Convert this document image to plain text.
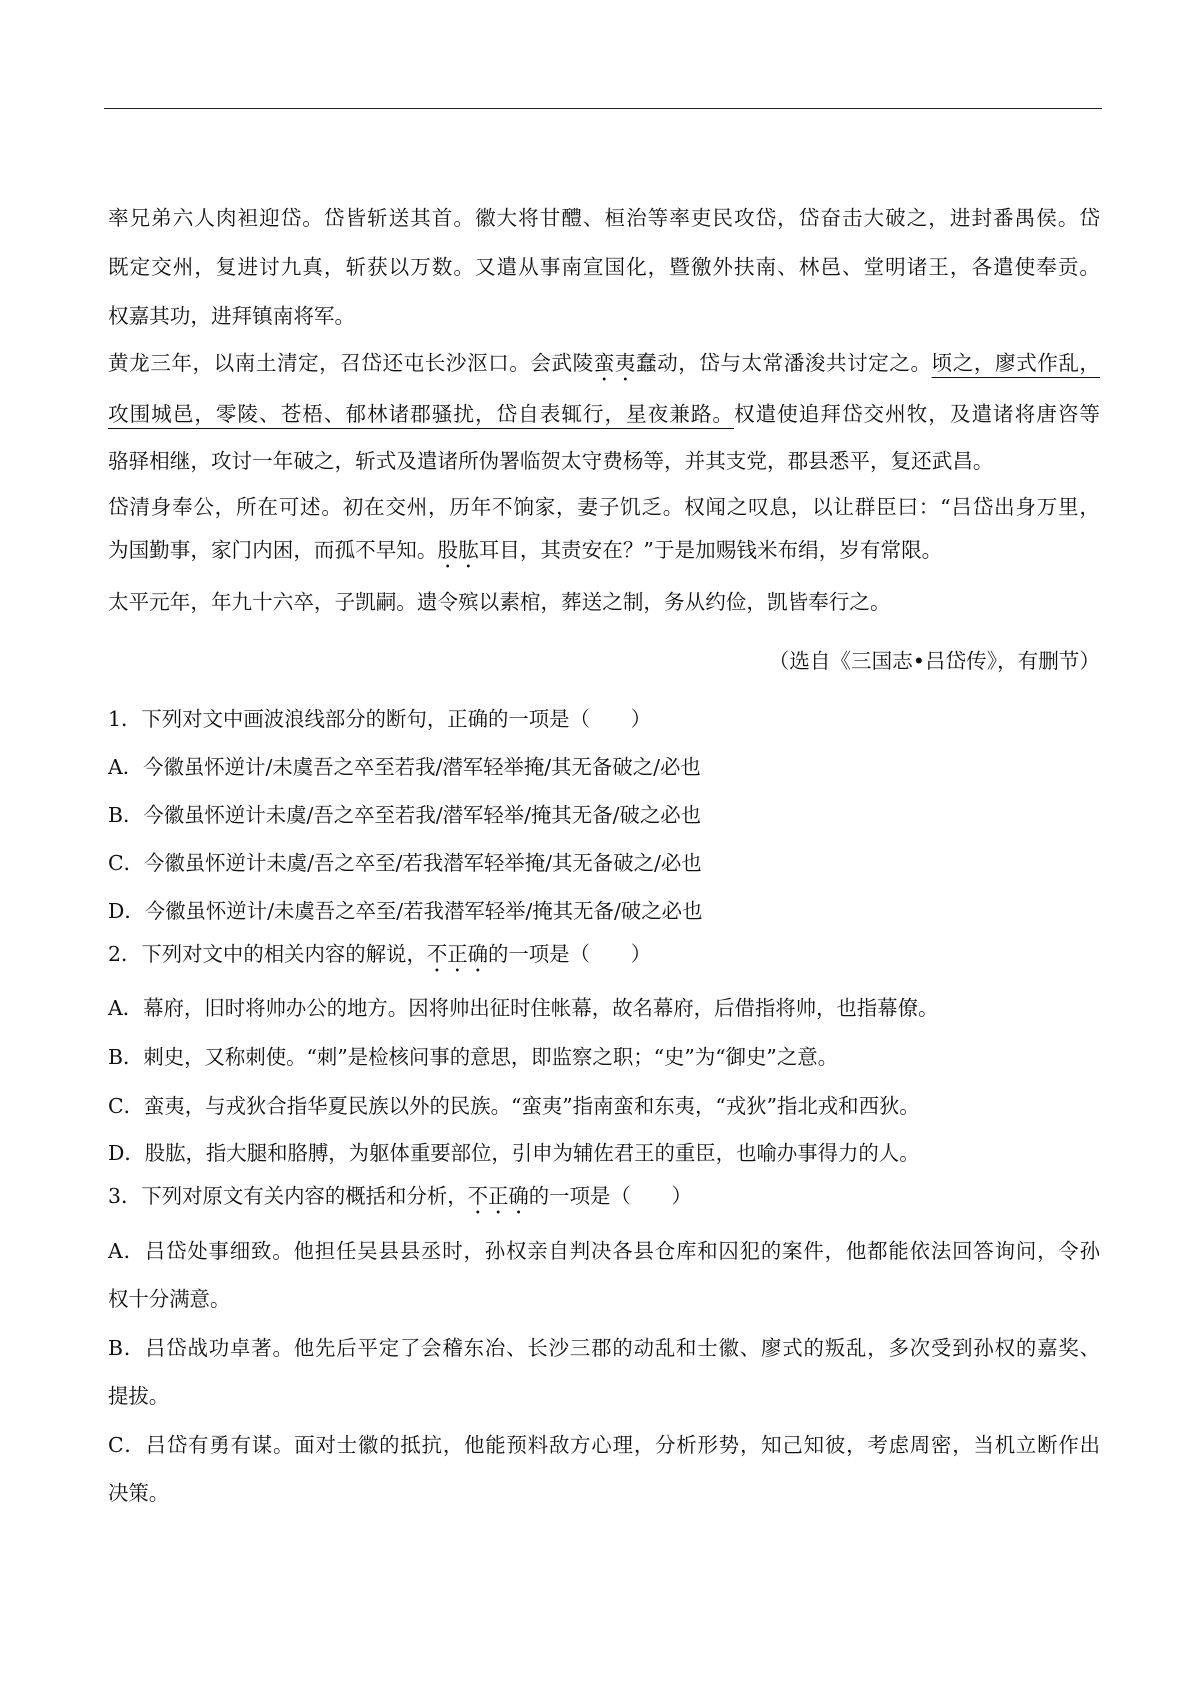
率兄弟六人肉袒迎岱。岱皆斩送其首。徽大将甘醴、桓治等率吏民攻岱，岱奋击大破之，进封番禺侯。岱
既定交州，复进讨九真，斩获以万数。又遣从事南宣国化，暨徼外扶南、林邑、堂明诸王，各遣使奉贡。
权嘉其功，进拜镇南将军。
黄龙三年，以南土清定，召岱还屯长沙沤口。会武陵蛮夷蠢动，岱与太常潘浚共讨定之。顷之，廖式作乱，
攻围城邑，零陵、苍梧、郁林诸郡骚扰，岱自表辄行，星夜兼路。权遣使追拜岱交州牧，及遣诸将唐咨等
骆驿相继，攻讨一年破之，斩式及遣诸所伪署临贺太守费杨等，并其支党，郡县悉平，复还武昌。
岱清身奉公，所在可述。初在交州，历年不饷家，妻子饥乏。权闻之叹息，以让群臣曰：“吕岱出身万里，
为国勤事，家门内困，而孤不早知。股肱耳目，其责安在？”于是加赐钱米布绢，岁有常限。
太平元年，年九十六卒，子凯嗣。遗令殡以素棺，葬送之制，务从约俭，凯皆奉行之。
（选自《三国志•吕岱传》，有删节）
1．下列对文中画波浪线部分的断句，正确的一项是（　　）
A．今徽虽怀逆计/未虞吾之卒至若我/潜军轻举掩/其无备破之/必也
B．今徽虽怀逆计未虞/吾之卒至若我/潜军轻举/掩其无备/破之必也
C．今徽虽怀逆计未虞/吾之卒至/若我潜军轻举掩/其无备破之/必也
D．今徽虽怀逆计/未虞吾之卒至/若我潜军轻举/掩其无备/破之必也
2．下列对文中的相关内容的解说，不正确的一项是（　　）
A．幕府，旧时将帅办公的地方。因将帅出征时住帐幕，故名幕府，后借指将帅，也指幕僚。
B．刺史，又称刺使。“刺”是检核问事的意思，即监察之职；“史”为“御史”之意。
C．蛮夷，与戎狄合指华夏民族以外的民族。“蛮夷”指南蛮和东夷，“戎狄”指北戎和西狄。
D．股肱，指大腿和胳膊，为躯体重要部位，引申为辅佐君王的重臣，也喻办事得力的人。
3．下列对原文有关内容的概括和分析，不正确的一项是（　　）
A．吕岱处事细致。他担任吴县县丞时，孙权亲自判决各县仓库和囚犯的案件，他都能依法回答询问，令孙
权十分满意。
B．吕岱战功卓著。他先后平定了会稽东冶、长沙三郡的动乱和士徽、廖式的叛乱，多次受到孙权的嘉奖、
提拔。
C．吕岱有勇有谋。面对士徽的抵抗，他能预料敌方心理，分析形势，知己知彼，考虑周密，当机立断作出
决策。
